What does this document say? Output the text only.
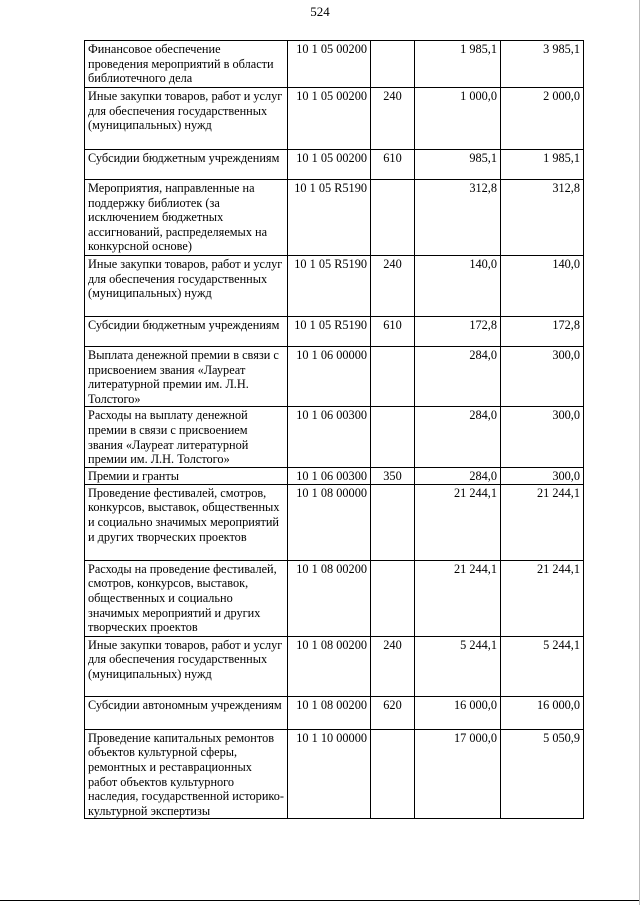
524
Финансовое обеспечение проведения мероприятий в области библиотечного дела	10 1 05 00200		1 985,1	3 985,1
Иные закупки товаров, работ и услуг для обеспечения государственных (муниципальных) нужд	10 1 05 00200	240	1 000,0	2 000,0
Субсидии бюджетным учреждениям	10 1 05 00200	610	985,1	1 985,1
Мероприятия, направленные на поддержку библиотек (за исключением бюджетных ассигнований, распределяемых на конкурсной основе)	10 1 05 R5190		312,8	312,8
Иные закупки товаров, работ и услуг для обеспечения государственных (муниципальных) нужд	10 1 05 R5190	240	140,0	140,0
Субсидии бюджетным учреждениям	10 1 05 R5190	610	172,8	172,8
Выплата денежной премии в связи с присвоением звания «Лауреат литературной премии им. Л.Н. Толстого»	10 1 06 00000		284,0	300,0
Расходы на выплату денежной премии в связи с присвоением звания «Лауреат литературной премии им. Л.Н. Толстого»	10 1 06 00300		284,0	300,0
Премии и гранты	10 1 06 00300	350	284,0	300,0
Проведение фестивалей, смотров, конкурсов, выставок, общественных и социально значимых мероприятий и других творческих проектов	10 1 08 00000		21 244,1	21 244,1
Расходы на проведение фестивалей, смотров, конкурсов, выставок, общественных и социально значимых мероприятий и других творческих проектов	10 1 08 00200		21 244,1	21 244,1
Иные закупки товаров, работ и услуг для обеспечения государственных (муниципальных) нужд	10 1 08 00200	240	5 244,1	5 244,1
Субсидии автономным учреждениям	10 1 08 00200	620	16 000,0	16 000,0
Проведение капитальных ремонтов объектов культурной сферы, ремонтных и реставрационных работ объектов культурного наследия, государственной историко-культурной экспертизы	10 1 10 00000		17 000,0	5 050,9
